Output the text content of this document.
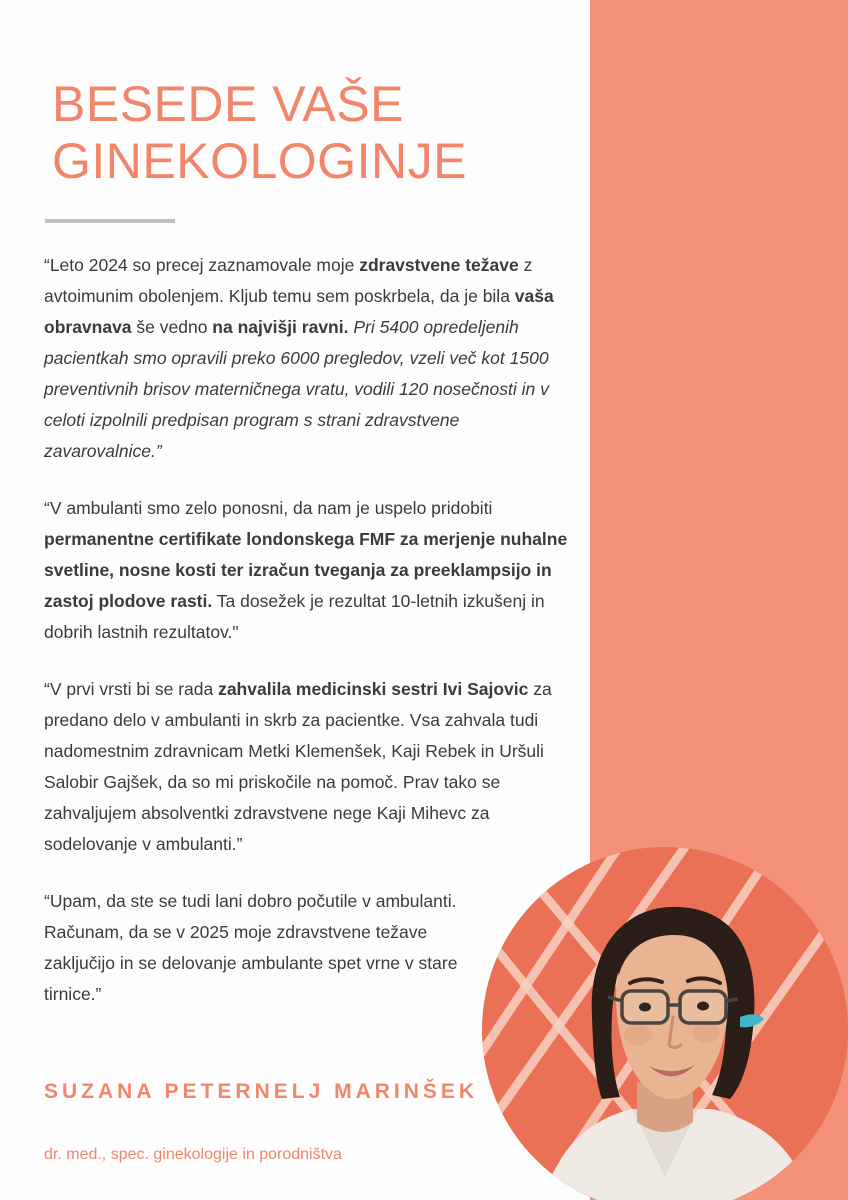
BESEDE VAŠE GINEKOLOGINJE

“Leto 2024 so precej zaznamovale moje zdravstvene težave z avtoimunim obolenjem. Kljub temu sem poskrbela, da je bila vaša obravnava še vedno na najvišji ravni. Pri 5400 opredeljenih pacientkah smo opravili preko 6000 pregledov, vzeli več kot 1500 preventivnih brisov materničnega vratu, vodili 120 nosečnosti in v celoti izpolnili predpisan program s strani zdravstvene zavarovalnice.”

“V ambulanti smo zelo ponosni, da nam je uspelo pridobiti permanentne certifikate londonskega FMF za merjenje nuhalne svetline, nosne kosti ter izračun tveganja za preeklampsijo in zastoj plodove rasti. Ta dosežek je rezultat 10-letnih izkušenj in dobrih lastnih rezultatov."

“V prvi vrsti bi se rada zahvalila medicinski sestri Ivi Sajovic za predano delo v ambulanti in skrb za pacientke. Vsa zahvala tudi nadomestnim zdravnicam Metki Klemenšek, Kaji Rebek in Uršuli Salobir Gajšek, da so mi priskočile na pomoč. Prav tako se zahvaljujem absolventki zdravstvene nege Kaji Mihevc za sodelovanje v ambulanti.”

“Upam, da ste se tudi lani dobro počutile v ambulanti. Računam, da se v 2025 moje zdravstvene težave zaključijo in se delovanje ambulante spet vrne v stare tirnice.”

SUZANA PETERNELJ MARINŠEK
dr. med., spec. ginekologije in porodništva
